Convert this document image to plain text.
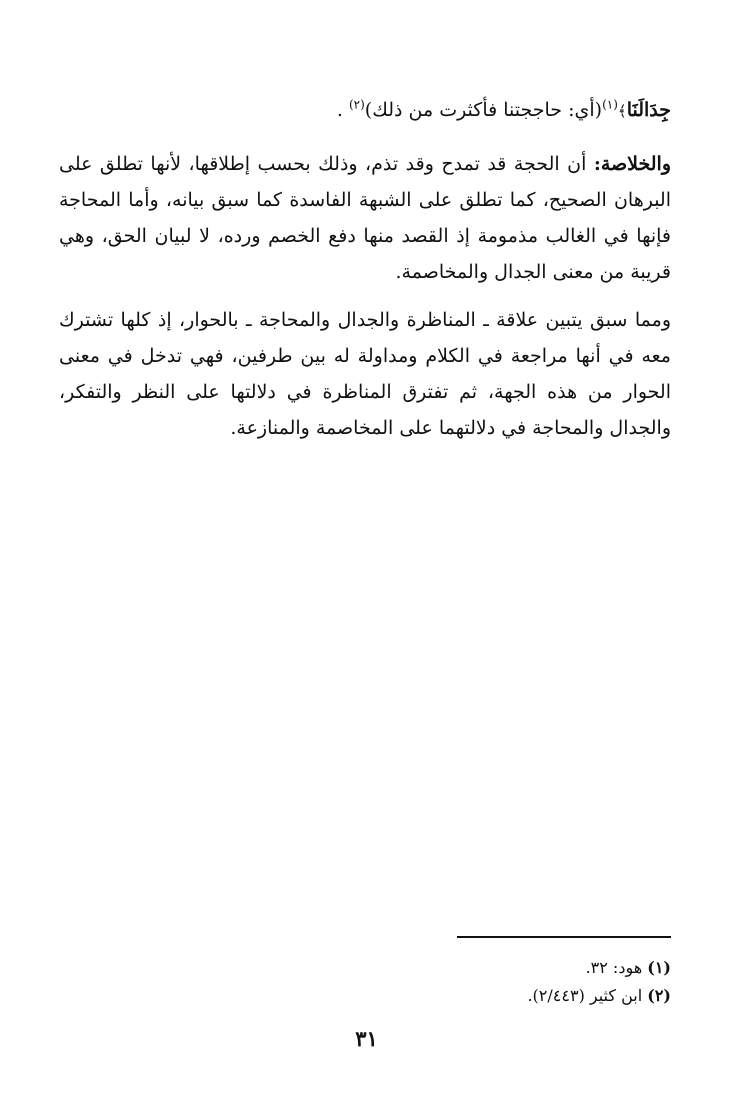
جِدَالَنَا﴾$^{(١)}$(أي: حاججتنا فأكثرت من ذلك)$^{(٢)}$ .

والخلاصة: أن الحجة قد تمدح وقد تذم، وذلك بحسب إطلاقها، لأنها تطلق على البرهان الصحيح، كما تطلق على الشبهة الفاسدة كما سبق بيانه، وأما المحاجة فإنها في الغالب مذمومة إذ القصد منها دفع الخصم ورده، لا لبيان الحق، وهي قريبة من معنى الجدال والمخاصمة.

ومما سبق يتبين علاقة ـ المناظرة والجدال والمحاجة ـ بالحوار، إذ كلها تشترك معه في أنها مراجعة في الكلام ومداولة له بين طرفين، فهي تدخل في معنى الحوار من هذه الجهة، ثم تفترق المناظرة في دلالتها على النظر والتفكر، والجدال والمحاجة في دلالتهما على المخاصمة والمنازعة.

(١) هود: ٣٢.

(٢) ابن كثير (٢/٤٤٣).

٣١
